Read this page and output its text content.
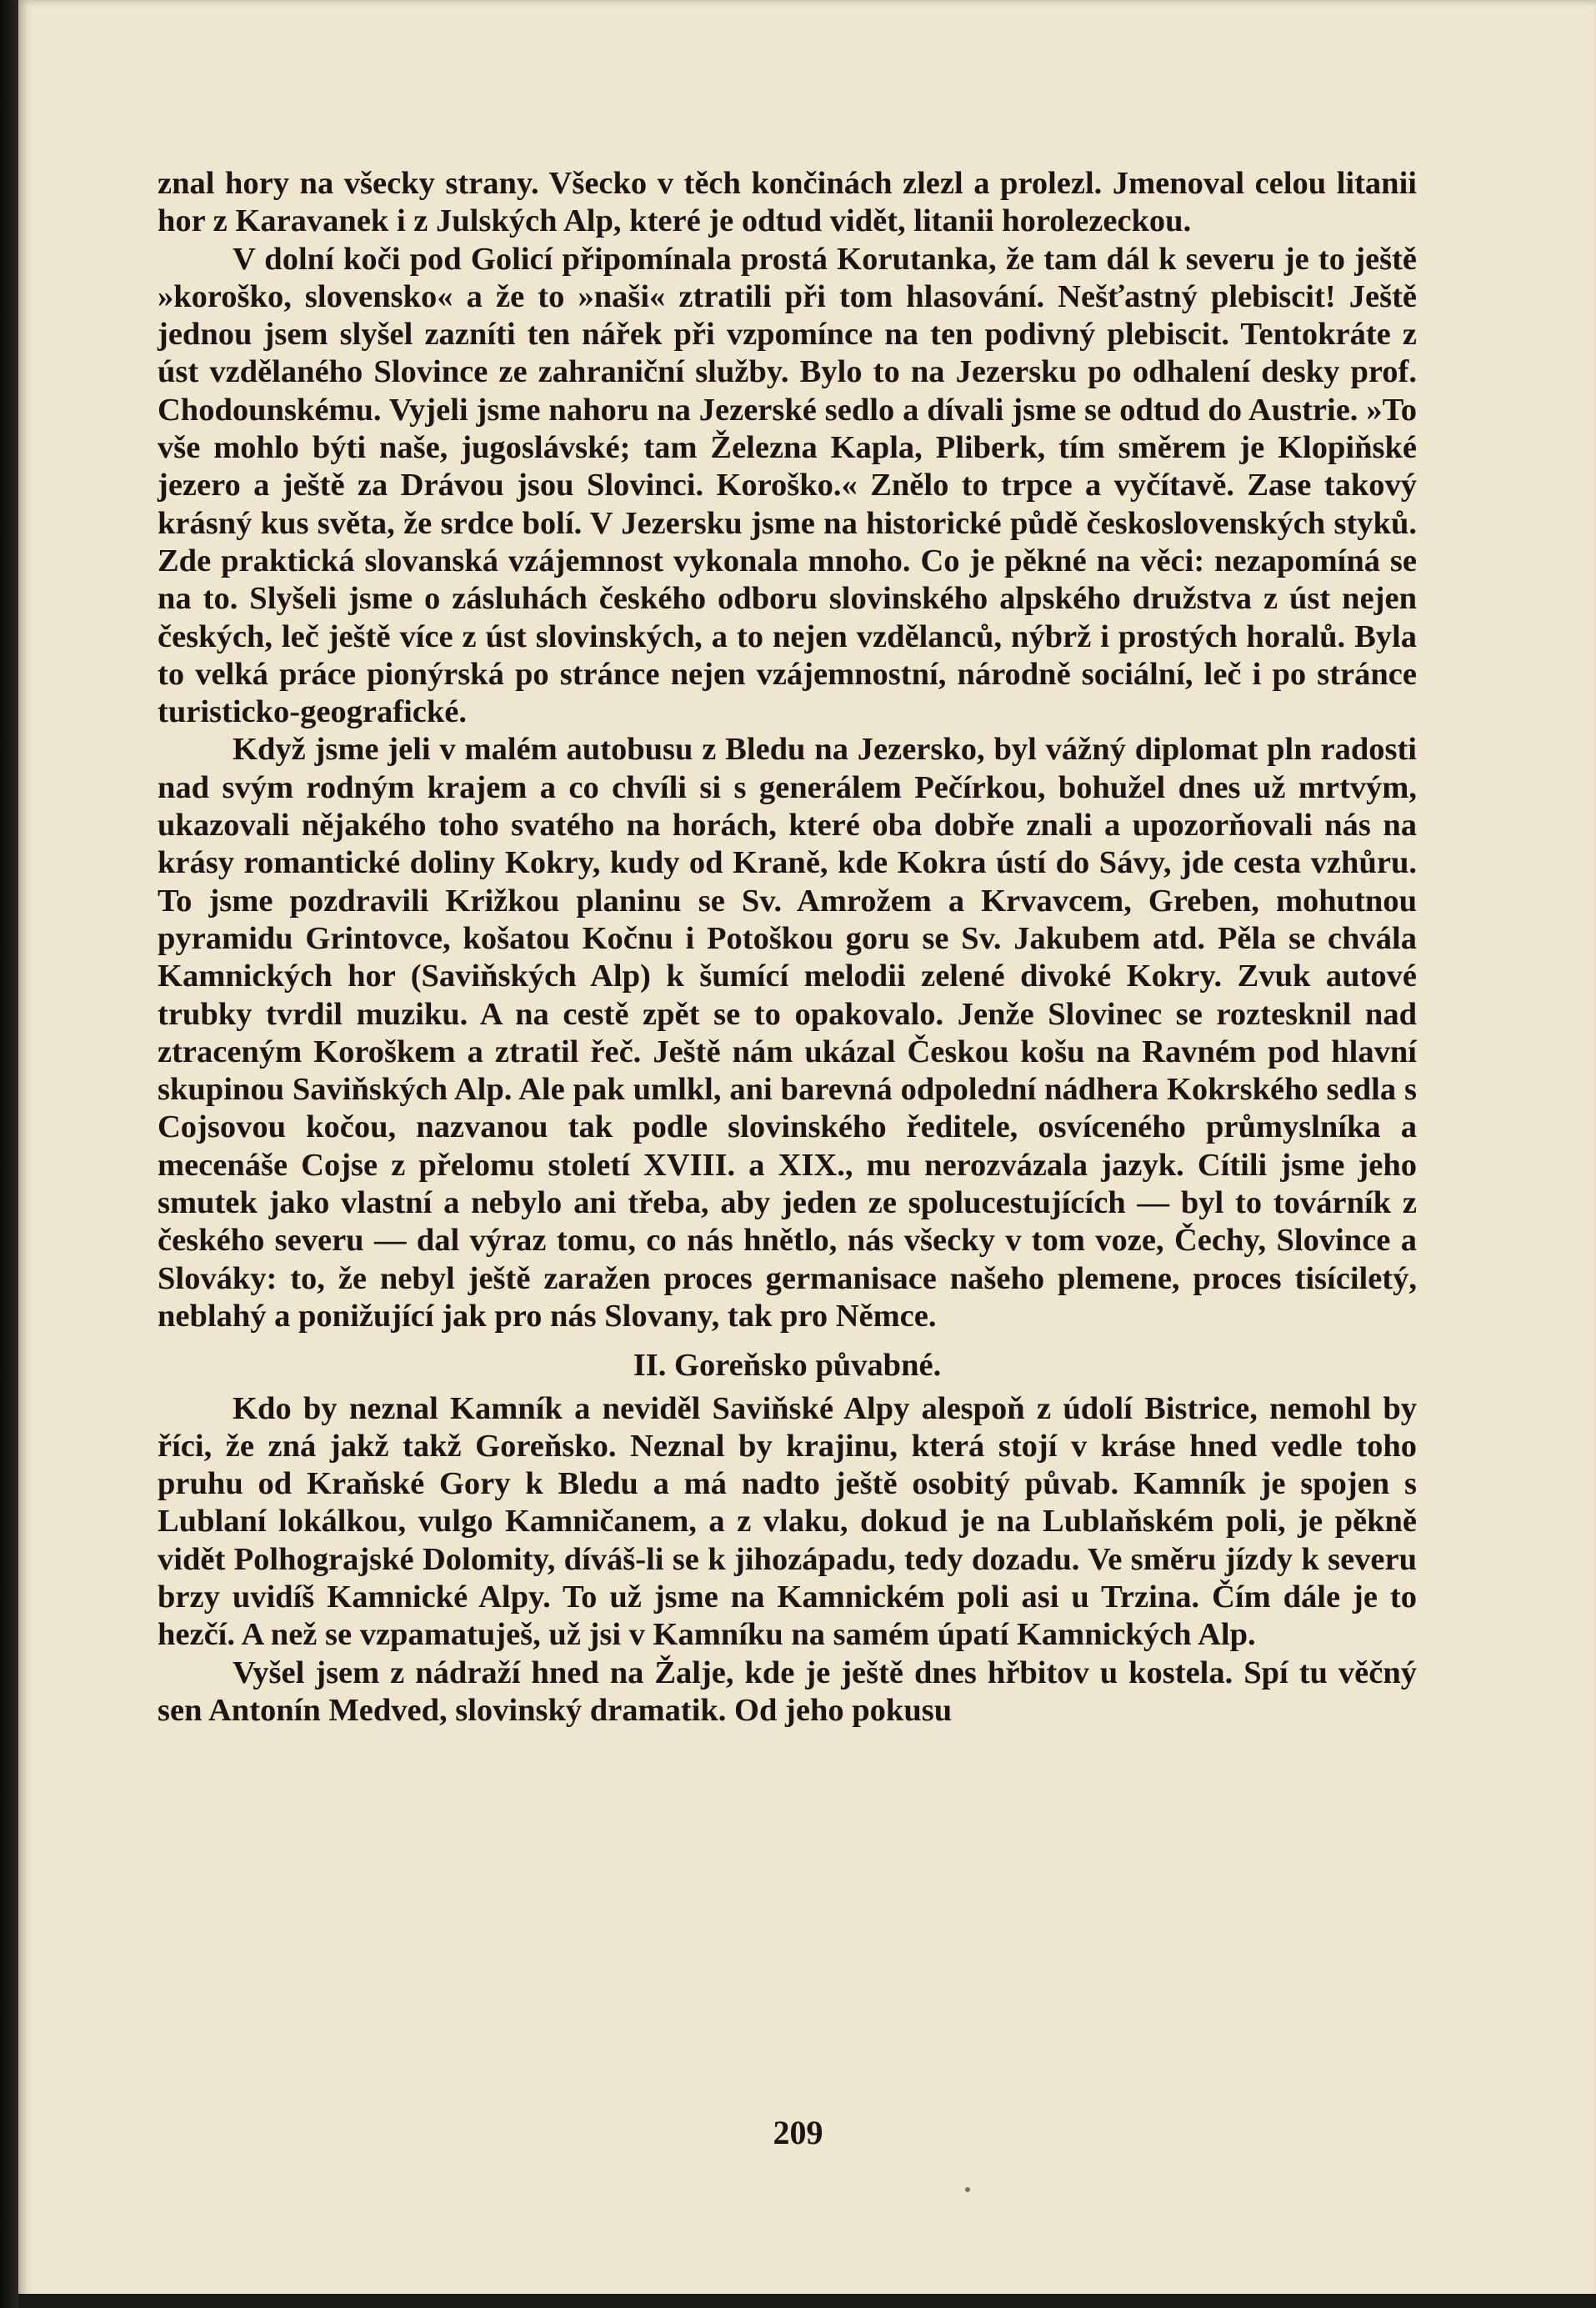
znal hory na všecky strany. Všecko v těch končinách zlezl a prolezl. Jmenoval celou litanii hor z Karavanek i z Julských Alp, které je odtud vidět, litanii horolezeckou.

V dolní koči pod Golicí připomínala prostá Korutanka, že tam dál k severu je to ještě »koroško, slovensko« a že to »naši« ztratili při tom hlasování. Nešťastný plebiscit! Ještě jednou jsem slyšel zazníti ten nářek při vzpomínce na ten podivný plebiscit. Tentokráte z úst vzdělaného Slovince ze zahraniční služby. Bylo to na Jezersku po odhalení desky prof. Chodounskému. Vyjeli jsme nahoru na Jezerské sedlo a dívali jsme se odtud do Austrie. »To vše mohlo býti naše, jugoslávské; tam Železna Kapla, Pliberk, tím směrem je Klopiňské jezero a ještě za Drávou jsou Slovinci. Koroško.« Znělo to trpce a vyčítavě. Zase takový krásný kus světa, že srdce bolí. V Jezersku jsme na historické půdě československých styků. Zde praktická slovanská vzájemnost vykonala mnoho. Co je pěkné na věci: nezapomíná se na to. Slyšeli jsme o zásluhách českého odboru slovinského alpského družstva z úst nejen českých, leč ještě více z úst slovinských, a to nejen vzdělanců, nýbrž i prostých horalů. Byla to velká práce pionýrská po stránce nejen vzájemnostní, národně sociální, leč i po stránce turisticko-geografické.

Když jsme jeli v malém autobusu z Bledu na Jezersko, byl vážný diplomat pln radosti nad svým rodným krajem a co chvíli si s generálem Pečírkou, bohužel dnes už mrtvým, ukazovali nějakého toho svatého na horách, které oba dobře znali a upozorňovali nás na krásy romantické doliny Kokry, kudy od Kraně, kde Kokra ústí do Sávy, jde cesta vzhůru. To jsme pozdravili Križkou planinu se Sv. Amrožem a Krvavcem, Greben, mohutnou pyramidu Grintovce, košatou Kočnu i Potoškou goru se Sv. Jakubem atd. Pěla se chvála Kamnických hor (Saviňských Alp) k šumící melodii zelené divoké Kokry. Zvuk autové trubky tvrdil muziku. A na cestě zpět se to opakovalo. Jenže Slovinec se roztesknil nad ztraceným Koroškem a ztratil řeč. Ještě nám ukázal Českou košu na Ravném pod hlavní skupinou Saviňských Alp. Ale pak umlkl, ani barevná odpolední nádhera Kokrského sedla s Cojsovou kočou, nazvanou tak podle slovinského ředitele, osvíceného průmyslníka a mecenáše Cojse z přelomu století XVIII. a XIX., mu nerozvázala jazyk. Cítili jsme jeho smutek jako vlastní a nebylo ani třeba, aby jeden ze spolucestujících — byl to továrník z českého severu — dal výraz tomu, co nás hnětlo, nás všecky v tom voze, Čechy, Slovince a Slováky: to, že nebyl ještě zaražen proces germanisace našeho plemene, proces tisíciletý, neblahý a ponižující jak pro nás Slovany, tak pro Němce.

II. Goreňsko půvabné.

Kdo by neznal Kamník a neviděl Saviňské Alpy alespoň z údolí Bistrice, nemohl by říci, že zná jakž takž Goreňsko. Neznal by krajinu, která stojí v kráse hned vedle toho pruhu od Kraňské Gory k Bledu a má nadto ještě osobitý půvab. Kamník je spojen s Lublaní lokálkou, vulgo Kamničanem, a z vlaku, dokud je na Lublaňském poli, je pěkně vidět Polhograjské Dolomity, díváš-li se k jihozápadu, tedy dozadu. Ve směru jízdy k severu brzy uvidíš Kamnické Alpy. To už jsme na Kamnickém poli asi u Trzina. Čím dále je to hezčí. A než se vzpamatuješ, už jsi v Kamníku na samém úpatí Kamnických Alp.

Vyšel jsem z nádraží hned na Žalje, kde je ještě dnes hřbitov u kostela. Spí tu věčný sen Antonín Medved, slovinský dramatik. Od jeho pokusu

209
